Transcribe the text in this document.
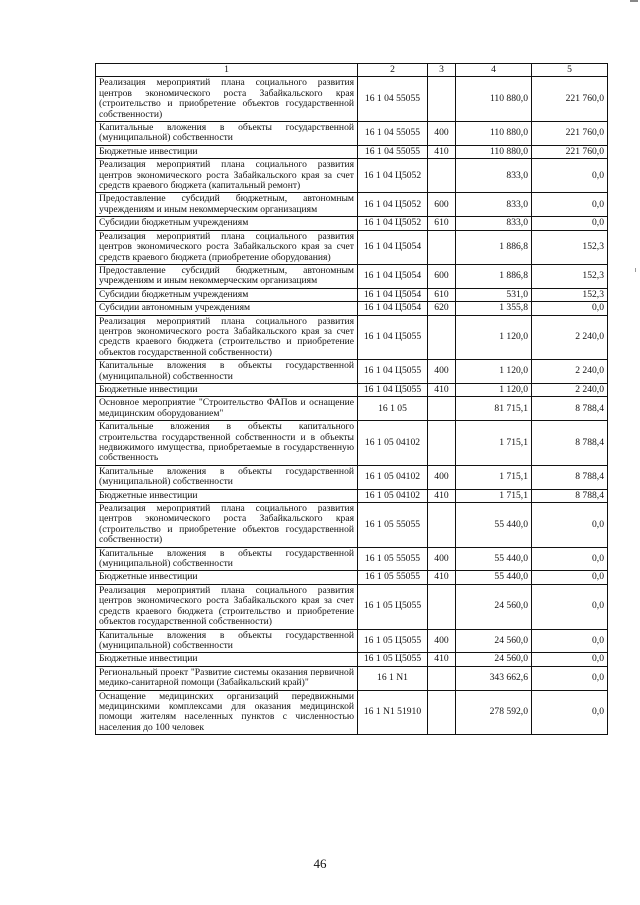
1	2	3	4	5
Реализация мероприятий плана социального развития центров экономического роста Забайкальского края (строительство и приобретение объектов государственной собственности)	16 1 04 55055		110 880,0	221 760,0
Капитальные вложения в объекты государственной (муниципальной) собственности	16 1 04 55055	400	110 880,0	221 760,0
Бюджетные инвестиции	16 1 04 55055	410	110 880,0	221 760,0
Реализация мероприятий плана социального развития центров экономического роста Забайкальского края за счет средств краевого бюджета (капитальный ремонт)	16 1 04 Ц5052		833,0	0,0
Предоставление субсидий бюджетным, автономным учреждениям и иным некоммерческим организациям	16 1 04 Ц5052	600	833,0	0,0
Субсидии бюджетным учреждениям	16 1 04 Ц5052	610	833,0	0,0
Реализация мероприятий плана социального развития центров экономического роста Забайкальского края за счет средств краевого бюджета (приобретение оборудования)	16 1 04 Ц5054		1 886,8	152,3
Предоставление субсидий бюджетным, автономным учреждениям и иным некоммерческим организациям	16 1 04 Ц5054	600	1 886,8	152,3
Субсидии бюджетным учреждениям	16 1 04 Ц5054	610	531,0	152,3
Субсидии автономным учреждениям	16 1 04 Ц5054	620	1 355,8	0,0
Реализация мероприятий плана социального развития центров экономического роста Забайкальского края за счет средств краевого бюджета (строительство и приобретение объектов государственной собственности)	16 1 04 Ц5055		1 120,0	2 240,0
Капитальные вложения в объекты государственной (муниципальной) собственности	16 1 04 Ц5055	400	1 120,0	2 240,0
Бюджетные инвестиции	16 1 04 Ц5055	410	1 120,0	2 240,0
Основное мероприятие "Строительство ФАПов и оснащение медицинским оборудованием"	16 1 05		81 715,1	8 788,4
Капитальные вложения в объекты капитального строительства государственной собственности и в объекты недвижимого имущества, приобретаемые в государственную собственность	16 1 05 04102		1 715,1	8 788,4
Капитальные вложения в объекты государственной (муниципальной) собственности	16 1 05 04102	400	1 715,1	8 788,4
Бюджетные инвестиции	16 1 05 04102	410	1 715,1	8 788,4
Реализация мероприятий плана социального развития центров экономического роста Забайкальского края (строительство и приобретение объектов государственной собственности)	16 1 05 55055		55 440,0	0,0
Капитальные вложения в объекты государственной (муниципальной) собственности	16 1 05 55055	400	55 440,0	0,0
Бюджетные инвестиции	16 1 05 55055	410	55 440,0	0,0
Реализация мероприятий плана социального развития центров экономического роста Забайкальского края за счет средств краевого бюджета (строительство и приобретение объектов государственной собственности)	16 1 05 Ц5055		24 560,0	0,0
Капитальные вложения в объекты государственной (муниципальной) собственности	16 1 05 Ц5055	400	24 560,0	0,0
Бюджетные инвестиции	16 1 05 Ц5055	410	24 560,0	0,0
Региональный проект "Развитие системы оказания первичной медико-санитарной помощи (Забайкальский край)"	16 1 N1		343 662,6	0,0
Оснащение медицинских организаций передвижными медицинскими комплексами для оказания медицинской помощи жителям населенных пунктов с численностью населения до 100 человек	16 1 N1 51910		278 592,0	0,0
46
